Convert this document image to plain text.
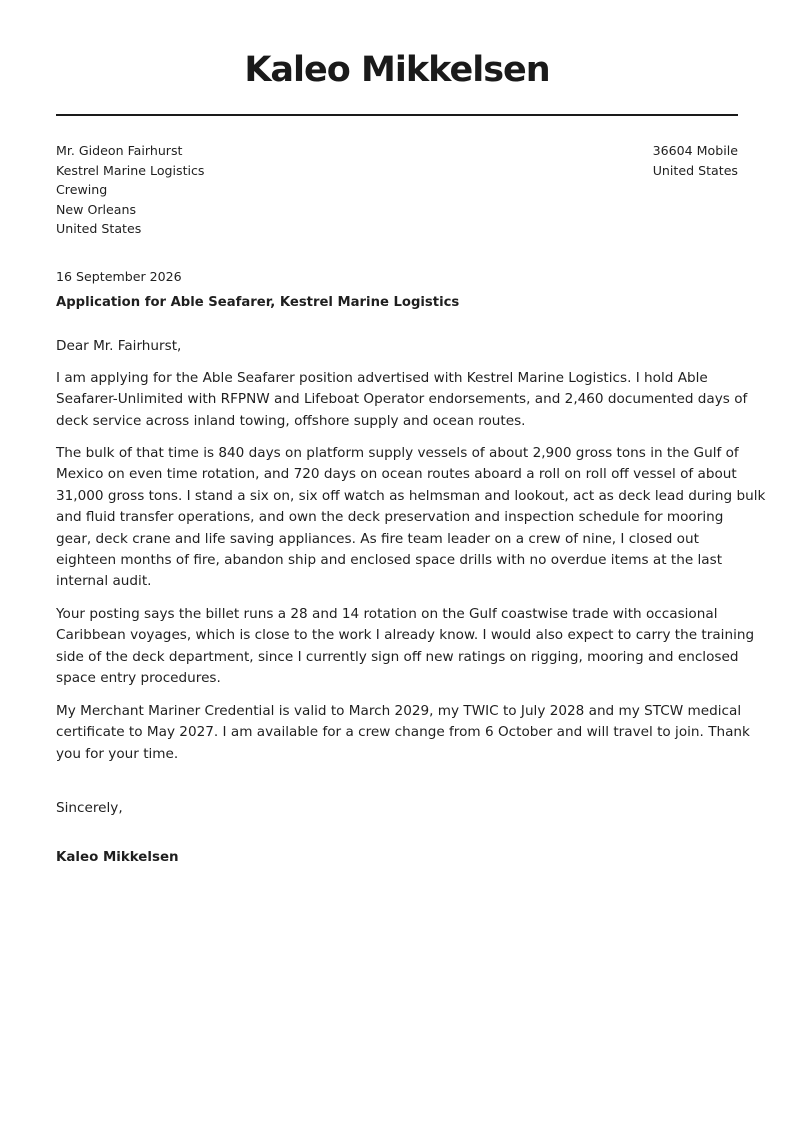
Kaleo Mikkelsen
Mr. Gideon Fairhurst
Kestrel Marine Logistics
Crewing
New Orleans
United States
36604 Mobile
United States
16 September 2026
Application for Able Seafarer, Kestrel Marine Logistics
Dear Mr. Fairhurst,

I am applying for the Able Seafarer position advertised with Kestrel Marine Logistics. I hold Able
Seafarer-Unlimited with RFPNW and Lifeboat Operator endorsements, and 2,460 documented days of
deck service across inland towing, offshore supply and ocean routes.

The bulk of that time is 840 days on platform supply vessels of about 2,900 gross tons in the Gulf of
Mexico on even time rotation, and 720 days on ocean routes aboard a roll on roll off vessel of about
31,000 gross tons. I stand a six on, six off watch as helmsman and lookout, act as deck lead during bulk
and fluid transfer operations, and own the deck preservation and inspection schedule for mooring
gear, deck crane and life saving appliances. As fire team leader on a crew of nine, I closed out
eighteen months of fire, abandon ship and enclosed space drills with no overdue items at the last
internal audit.

Your posting says the billet runs a 28 and 14 rotation on the Gulf coastwise trade with occasional
Caribbean voyages, which is close to the work I already know. I would also expect to carry the training
side of the deck department, since I currently sign off new ratings on rigging, mooring and enclosed
space entry procedures.

My Merchant Mariner Credential is valid to March 2029, my TWIC to July 2028 and my STCW medical
certificate to May 2027. I am available for a crew change from 6 October and will travel to join. Thank
you for your time.

Sincerely,
Kaleo Mikkelsen
